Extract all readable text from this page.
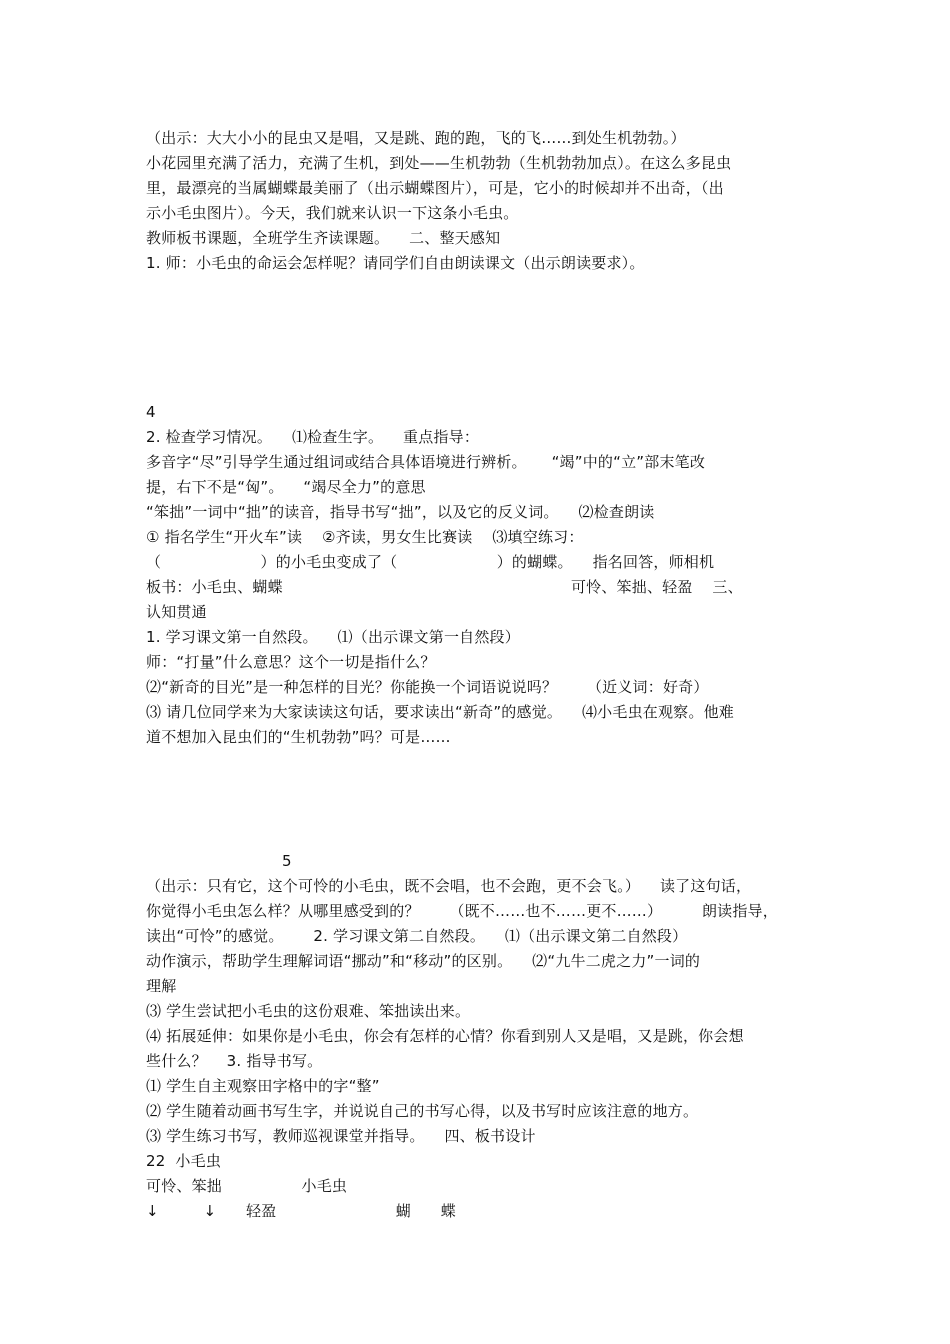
（出示：大大小小的昆虫又是唱，又是跳、跑的跑，飞的飞……到处生机勃勃。）
小花园里充满了活力，充满了生机，到处——生机勃勃（生机勃勃加点）。在这么多昆虫
里，最漂亮的当属蝴蝶最美丽了（出示蝴蝶图片），可是，它小的时候却并不出奇，（出
示小毛虫图片）。今天，我们就来认识一下这条小毛虫。
教师板书课题，全班学生齐读课题。    二、整天感知
1. 师：小毛虫的命运会怎样呢？请同学们自由朗读课文（出示朗读要求）。
4
2. 检查学习情况。    ⑴检查生字。    重点指导：
多音字“尽”引导学生通过组词或结合具体语境进行辨析。     “竭”中的“立”部末笔改
提，右下不是“匈”。    “竭尽全力”的意思
“笨拙”一词中“拙”的读音，指导书写“拙”，以及它的反义词。    ⑵检查朗读
① 指名学生“开火车”读    ②齐读，男女生比赛读    ⑶填空练习：
（                    ）的小毛虫变成了（                    ）的蝴蝶。    指名回答，师相机
板书：小毛虫、蝴蝶                                                          可怜、笨拙、轻盈    三、
认知贯通
1. 学习课文第一自然段。    ⑴（出示课文第一自然段）
师：“打量”什么意思？这个一切是指什么？
⑵“新奇的目光”是一种怎样的目光？你能换一个词语说说吗？      （近义词：好奇）
⑶ 请几位同学来为大家读读这句话，要求读出“新奇”的感觉。    ⑷小毛虫在观察。他难
道不想加入昆虫们的“生机勃勃”吗？可是……
5
（出示：只有它，这个可怜的小毛虫，既不会唱，也不会跑，更不会飞。）    读了这句话，
你觉得小毛虫怎么样？从哪里感受到的？      （既不……也不……更不……）        朗读指导，
读出“可怜”的感觉。      2. 学习课文第二自然段。    ⑴（出示课文第二自然段）
动作演示，帮助学生理解词语“挪动”和“移动”的区别。    ⑵“九牛二虎之力”一词的
理解
⑶ 学生尝试把小毛虫的这份艰难、笨拙读出来。
⑷ 拓展延伸：如果你是小毛虫，你会有怎样的心情？你看到别人又是唱，又是跳，你会想
些什么？    3. 指导书写。
⑴ 学生自主观察田字格中的字“整”
⑵ 学生随着动画书写生字，并说说自己的书写心得，以及书写时应该注意的地方。
⑶ 学生练习书写，教师巡视课堂并指导。    四、板书设计
22  小毛虫
可怜、笨拙                小毛虫
↓         ↓      轻盈                        蝴      蝶
